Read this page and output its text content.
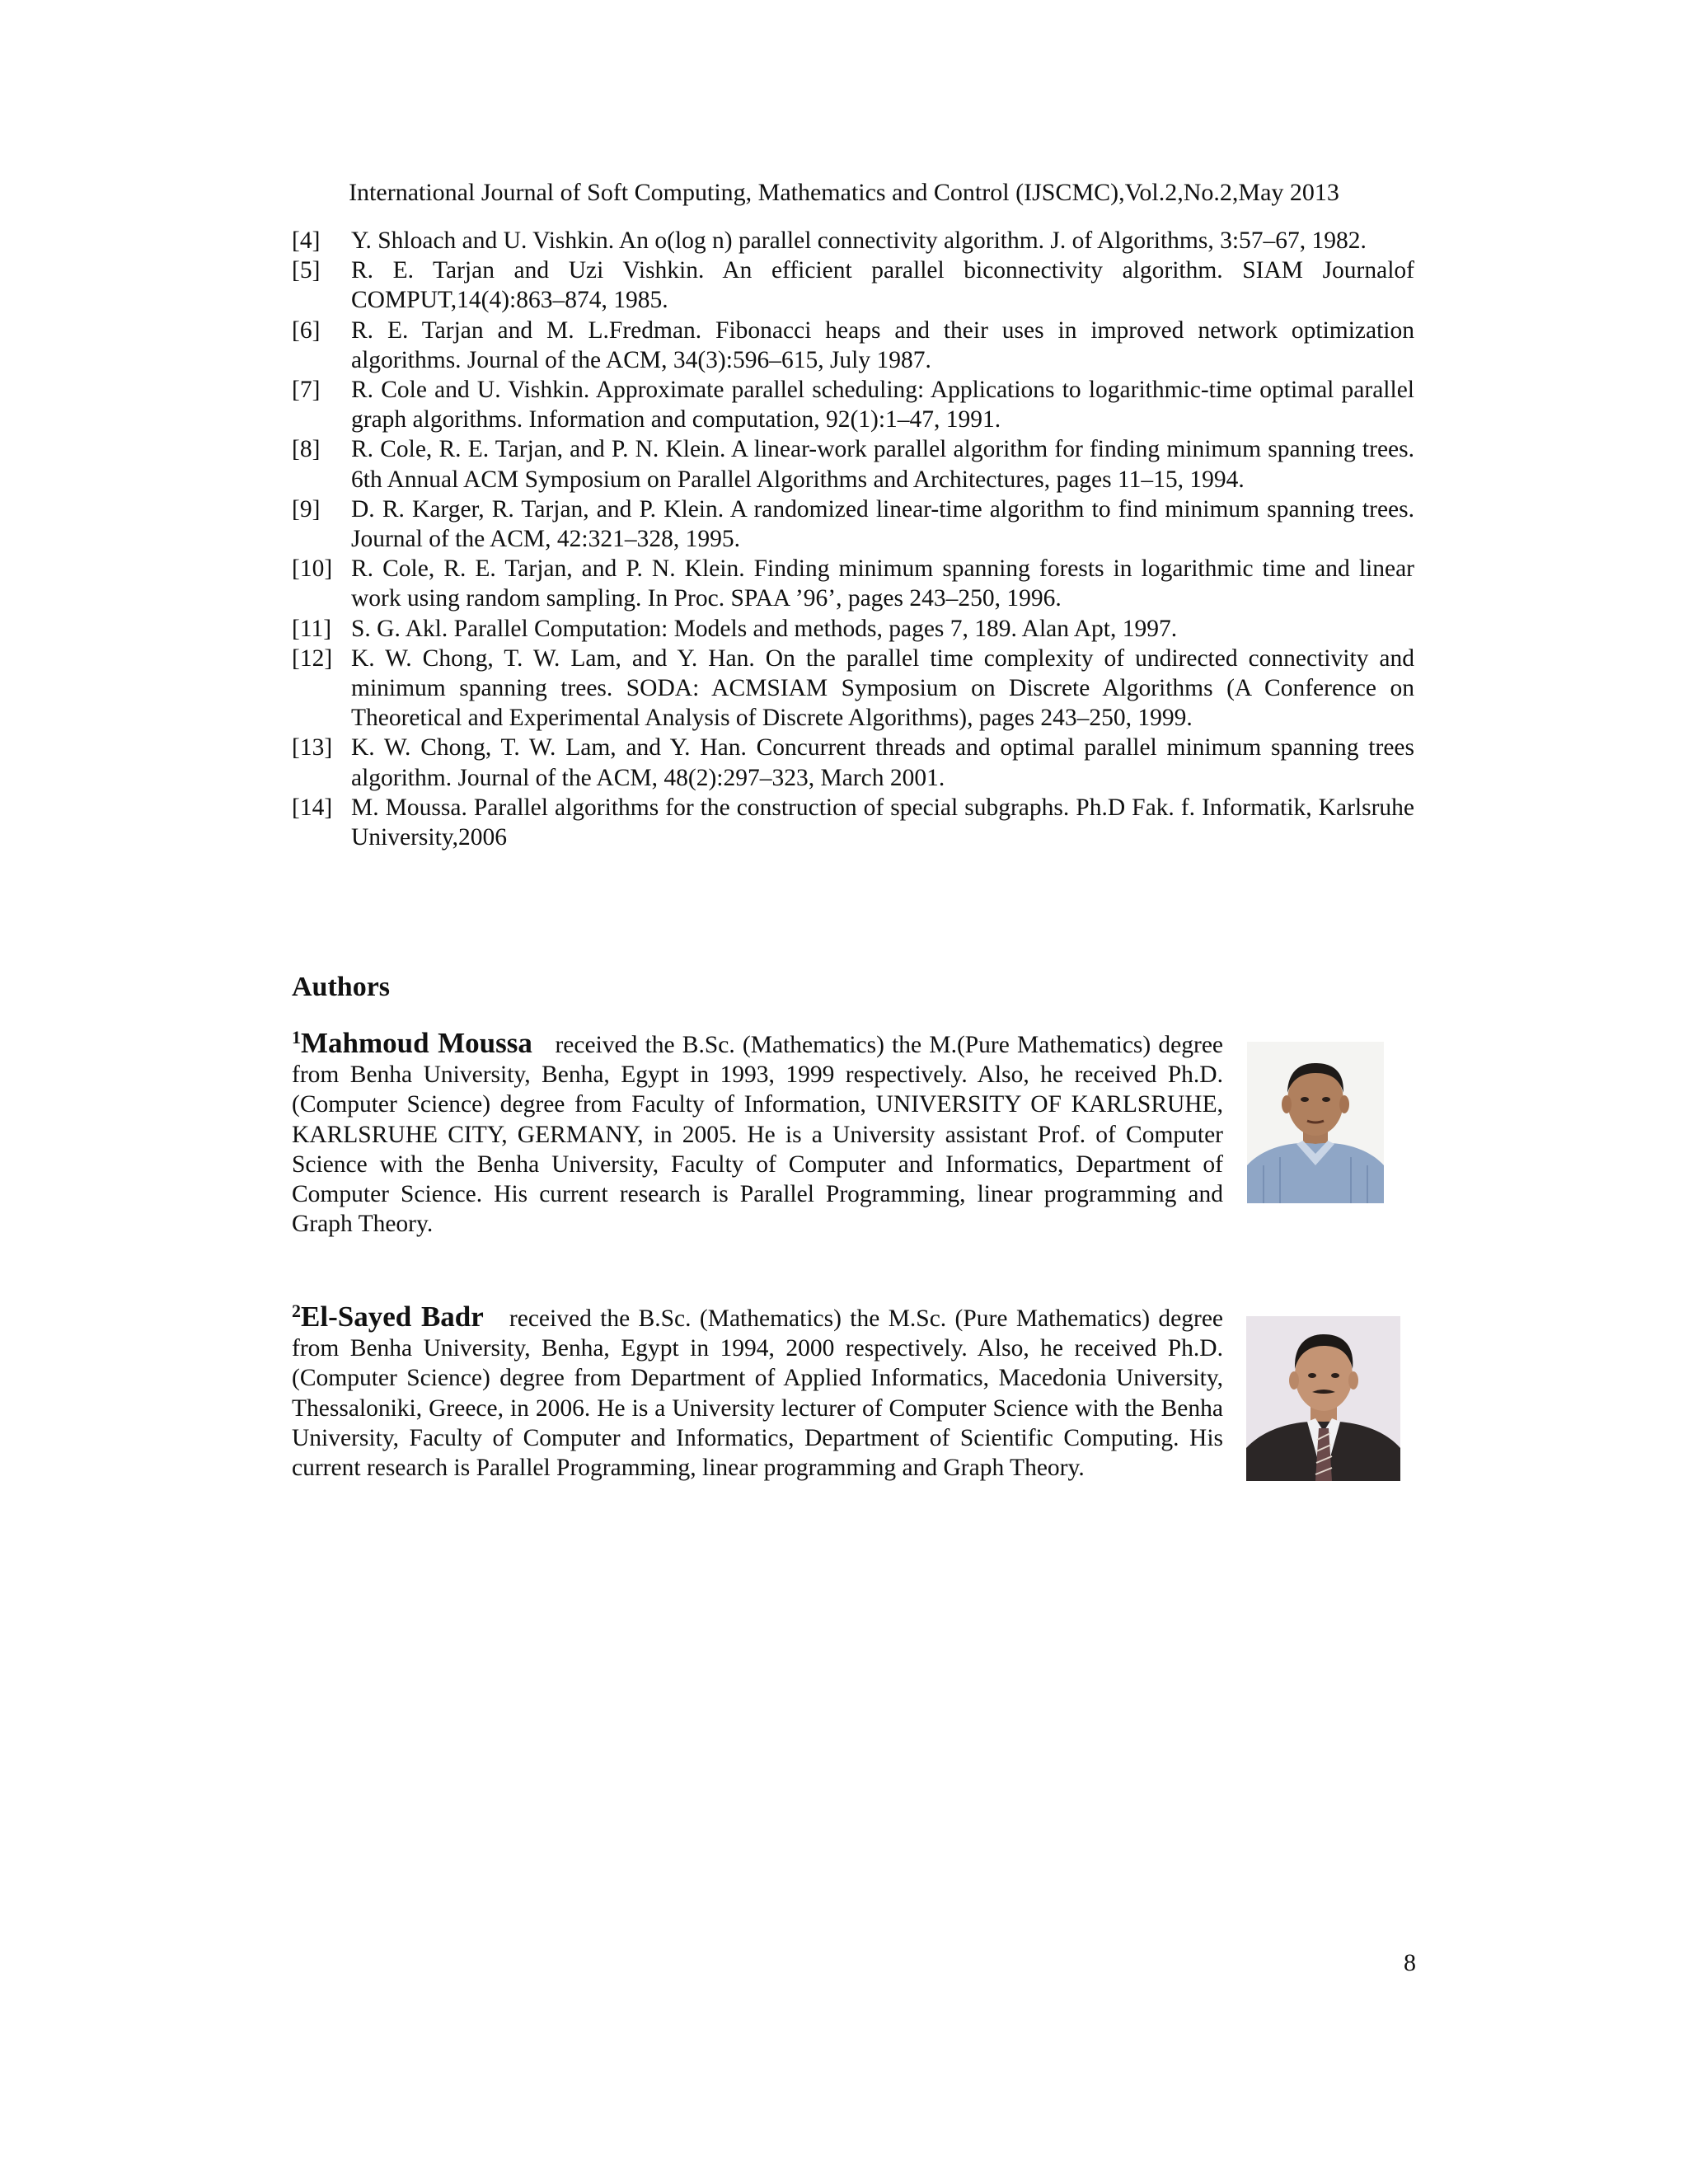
International Journal of Soft Computing, Mathematics and Control (IJSCMC),Vol.2,No.2,May 2013
[4]	Y. Shloach and U. Vishkin. An o(log n) parallel connectivity algorithm. J. of Algorithms, 3:57–67, 1982.
[5]	R. E. Tarjan and Uzi Vishkin. An efficient parallel biconnectivity algorithm. SIAM Journalof COMPUT,14(4):863–874, 1985.
[6]	R. E. Tarjan and M. L.Fredman. Fibonacci heaps and their uses in improved network optimization algorithms. Journal of the ACM, 34(3):596–615, July 1987.
[7]	R. Cole and U. Vishkin. Approximate parallel scheduling: Applications to logarithmic-time optimal parallel graph algorithms. Information and computation, 92(1):1–47, 1991.
[8]	R. Cole, R. E. Tarjan, and P. N. Klein. A linear-work parallel algorithm for finding minimum spanning trees. 6th Annual ACM Symposium on Parallel Algorithms and Architectures, pages 11–15, 1994.
[9]	D. R. Karger, R. Tarjan, and P. Klein. A randomized linear-time algorithm to find minimum spanning trees. Journal of the ACM, 42:321–328, 1995.
[10] R. Cole, R. E. Tarjan, and P. N. Klein. Finding minimum spanning forests in logarithmic time and linear work using random sampling. In Proc. SPAA ’96’, pages 243–250, 1996.
[11] S. G. Akl. Parallel Computation: Models and methods, pages 7, 189. Alan Apt, 1997.
[12] K. W. Chong, T. W. Lam, and Y. Han. On the parallel time complexity of undirected connectivity and minimum spanning trees. SODA: ACMSIAM Symposium on Discrete Algorithms (A Conference on Theoretical and Experimental Analysis of Discrete Algorithms), pages 243–250, 1999.
[13] K. W. Chong, T. W. Lam, and Y. Han. Concurrent threads and optimal parallel minimum spanning trees algorithm. Journal of the ACM, 48(2):297–323, March 2001.
[14] M. Moussa. Parallel algorithms for the construction of special subgraphs. Ph.D Fak. f. Informatik, Karlsruhe University,2006
Authors
$^1$Mahmoud Moussa received the B.Sc. (Mathematics) the M.(Pure Mathematics) degree from Benha University, Benha, Egypt in 1993, 1999 respectively. Also, he received Ph.D. (Computer Science) degree from Faculty of Information, UNIVERSITY OF KARLSRUHE, KARLSRUHE CITY, GERMANY, in 2005. He is a University assistant Prof. of Computer Science with the Benha University, Faculty of Computer and Informatics, Department of Computer Science. His current research is Parallel Programming, linear programming and Graph Theory.
$^2$El-Sayed Badr received the B.Sc. (Mathematics) the M.Sc. (Pure Mathematics) degree from Benha University, Benha, Egypt in 1994, 2000 respectively. Also, he received Ph.D. (Computer Science) degree from Department of Applied Informatics, Macedonia University, Thessaloniki, Greece, in 2006. He is a University lecturer of Computer Science with the Benha University, Faculty of Computer and Informatics, Department of Scientific Computing. His current research is Parallel Programming, linear programming and Graph Theory.
8
